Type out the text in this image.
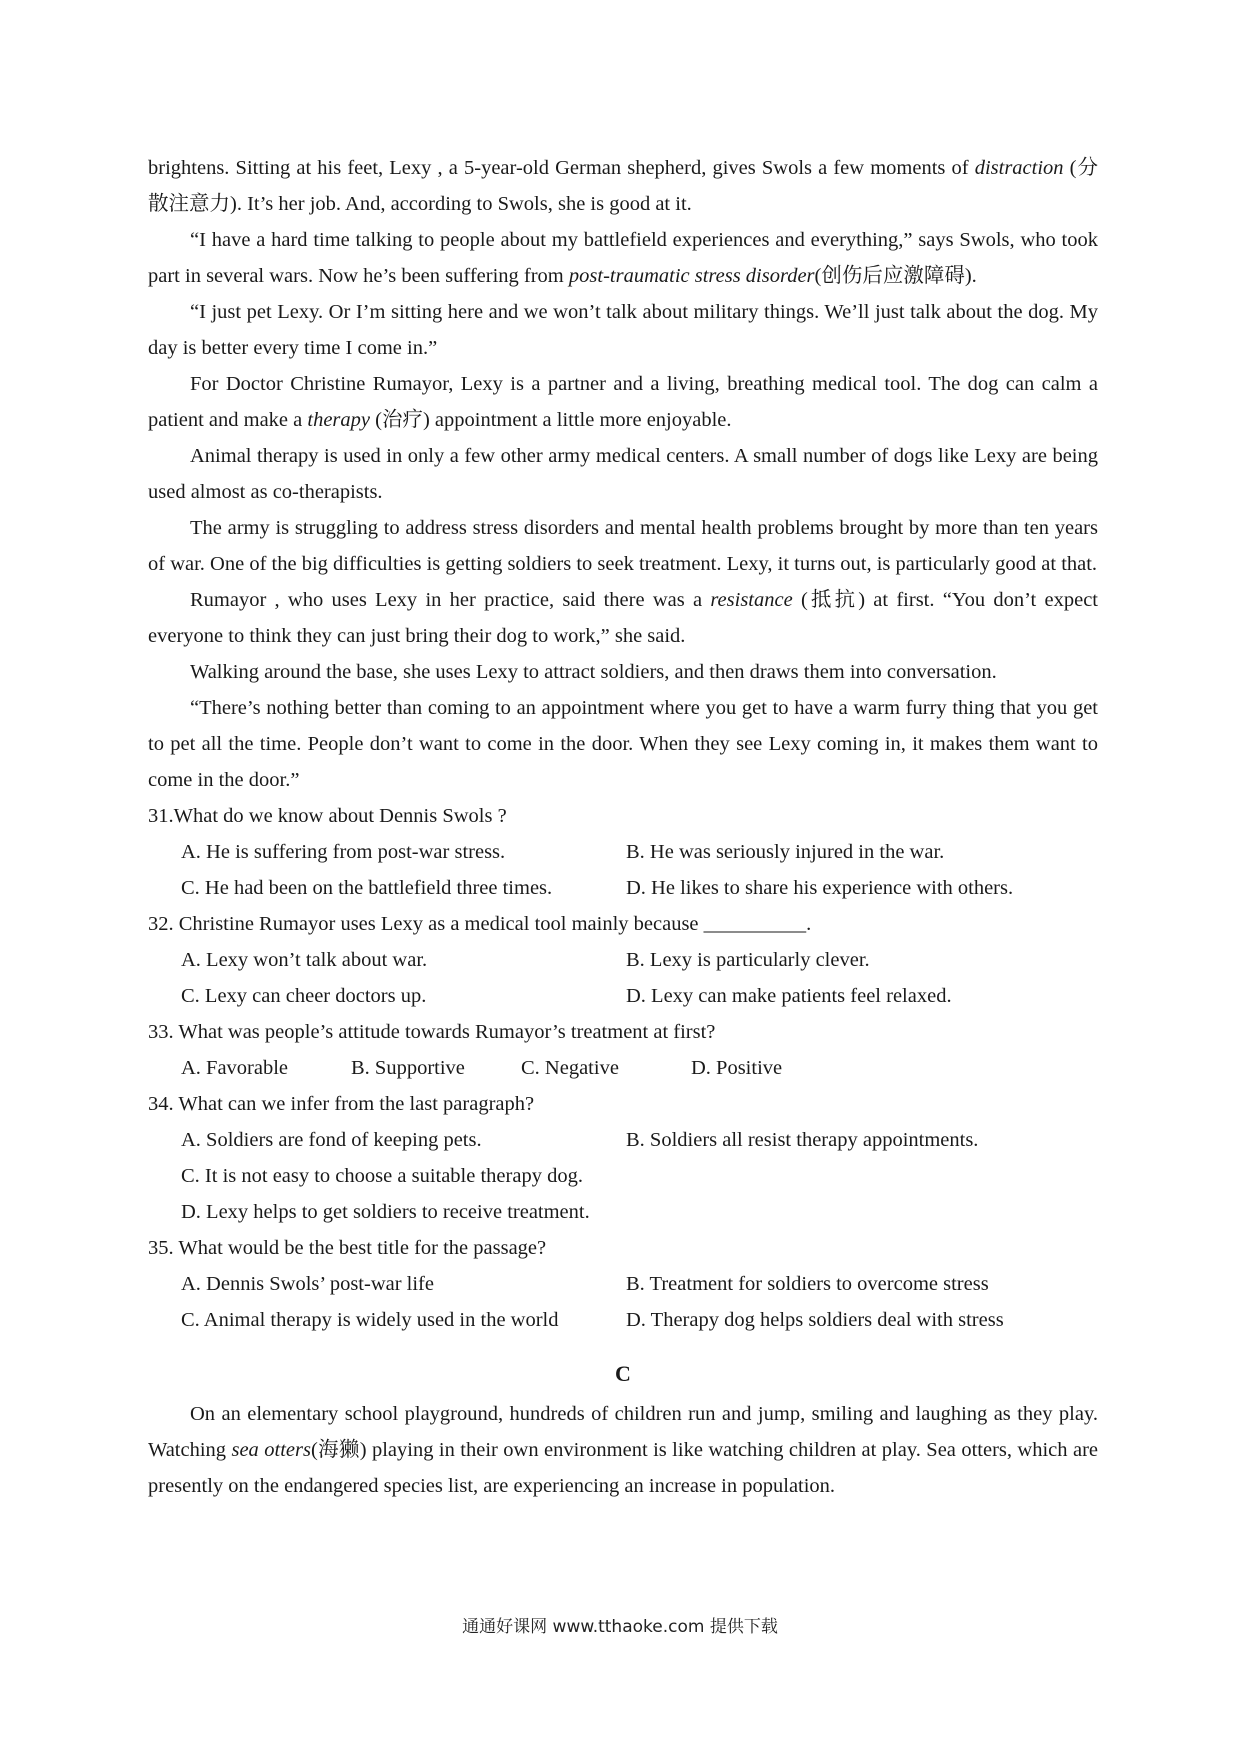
brightens. Sitting at his feet, Lexy , a 5-year-old German shepherd, gives Swols a few moments of distraction (分散注意力). It’s her job. And, according to Swols, she is good at it.

“I have a hard time talking to people about my battlefield experiences and everything,” says Swols, who took part in several wars. Now he’s been suffering from post-traumatic stress disorder(创伤后应激障碍).

“I just pet Lexy. Or I’m sitting here and we won’t talk about military things. We’ll just talk about the dog. My day is better every time I come in.”

For Doctor Christine Rumayor, Lexy is a partner and a living, breathing medical tool. The dog can calm a patient and make a therapy (治疗) appointment a little more enjoyable.

Animal therapy is used in only a few other army medical centers. A small number of dogs like Lexy are being used almost as co-therapists.

The army is struggling to address stress disorders and mental health problems brought by more than ten years of war. One of the big difficulties is getting soldiers to seek treatment. Lexy, it turns out, is particularly good at that.

Rumayor , who uses Lexy in her practice, said there was a resistance (抵抗) at first. “You don’t expect everyone to think they can just bring their dog to work,” she said.

Walking around the base, she uses Lexy to attract soldiers, and then draws them into conversation.

“There’s nothing better than coming to an appointment where you get to have a warm furry thing that you get to pet all the time. People don’t want to come in the door. When they see Lexy coming in, it makes them want to come in the door.”

31.What do we know about Dennis Swols ?
A. He is suffering from post-war stress.	B. He was seriously injured in the war.
C. He had been on the battlefield three times.	D. He likes to share his experience with others.
32. Christine Rumayor uses Lexy as a medical tool mainly because __________.
A. Lexy won’t talk about war.	B. Lexy is particularly clever.
C. Lexy can cheer doctors up.	D. Lexy can make patients feel relaxed.
33. What was people’s attitude towards Rumayor’s treatment at first?
A. Favorable	B. Supportive	C. Negative	D. Positive
34. What can we infer from the last paragraph?
A. Soldiers are fond of keeping pets.	B. Soldiers all resist therapy appointments.
C. It is not easy to choose a suitable therapy dog.
D. Lexy helps to get soldiers to receive treatment.
35. What would be the best title for the passage?
A. Dennis Swols’ post-war life	B. Treatment for soldiers to overcome stress
C. Animal therapy is widely used in the world	D. Therapy dog helps soldiers deal with stress
C

On an elementary school playground, hundreds of children run and jump, smiling and laughing as they play. Watching sea otters(海獭) playing in their own environment is like watching children at play. Sea otters, which are presently on the endangered species list, are experiencing an increase in population.

通通好课网 www.tthaoke.com 提供下载
